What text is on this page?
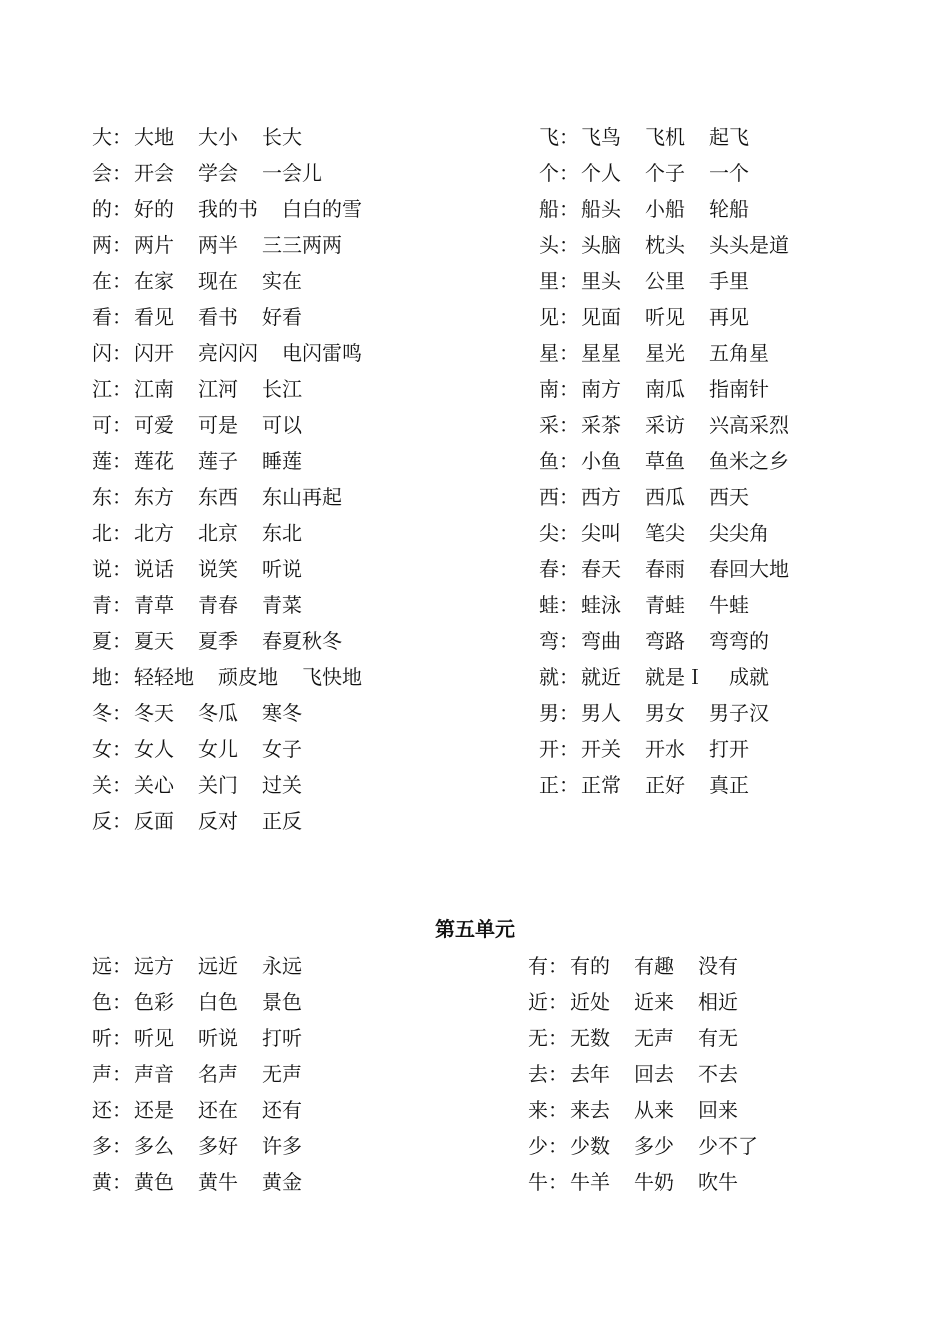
大： 大地 大小 长大
会： 开会 学会 一会儿
的： 好的 我的书 白白的雪
两： 两片 两半 三三两两
在： 在家 现在 实在
看： 看见 看书 好看
闪： 闪开 亮闪闪 电闪雷鸣
江： 江南 江河 长江
可： 可爱 可是 可以
莲： 莲花 莲子 睡莲
东： 东方 东西 东山再起
北： 北方 北京 东北
说： 说话 说笑 听说
青： 青草 青春 青菜
夏： 夏天 夏季 春夏秋冬
地： 轻轻地 顽皮地 飞快地
冬： 冬天 冬瓜 寒冬
女： 女人 女儿 女子
关： 关心 关门 过关
反： 反面 反对 正反
飞： 飞鸟 飞机 起飞
个： 个人 个子 一个
船： 船头 小船 轮船
头： 头脑 枕头 头头是道
里： 里头 公里 手里
见： 见面 听见 再见
星： 星星 星光 五角星
南： 南方 南瓜 指南针
采： 采茶 采访 兴高采烈
鱼： 小鱼 草鱼 鱼米之乡
西： 西方 西瓜 西天
尖： 尖叫 笔尖 尖尖角
春： 春天 春雨 春回大地
蛙： 蛙泳 青蛙 牛蛙
弯： 弯曲 弯路 弯弯的
就： 就近 就是Ｉ 成就
男： 男人 男女 男子汉
开： 开关 开水 打开
正： 正常 正好 真正
第五单元
远： 远方 远近 永远
色： 色彩 白色 景色
听： 听见 听说 打听
声： 声音 名声 无声
还： 还是 还在 还有
多： 多么 多好 许多
黄： 黄色 黄牛 黄金
有： 有的 有趣 没有
近： 近处 近来 相近
无： 无数 无声 有无
去： 去年 回去 不去
来： 来去 从来 回来
少： 少数 多少 少不了
牛： 牛羊 牛奶 吹牛
